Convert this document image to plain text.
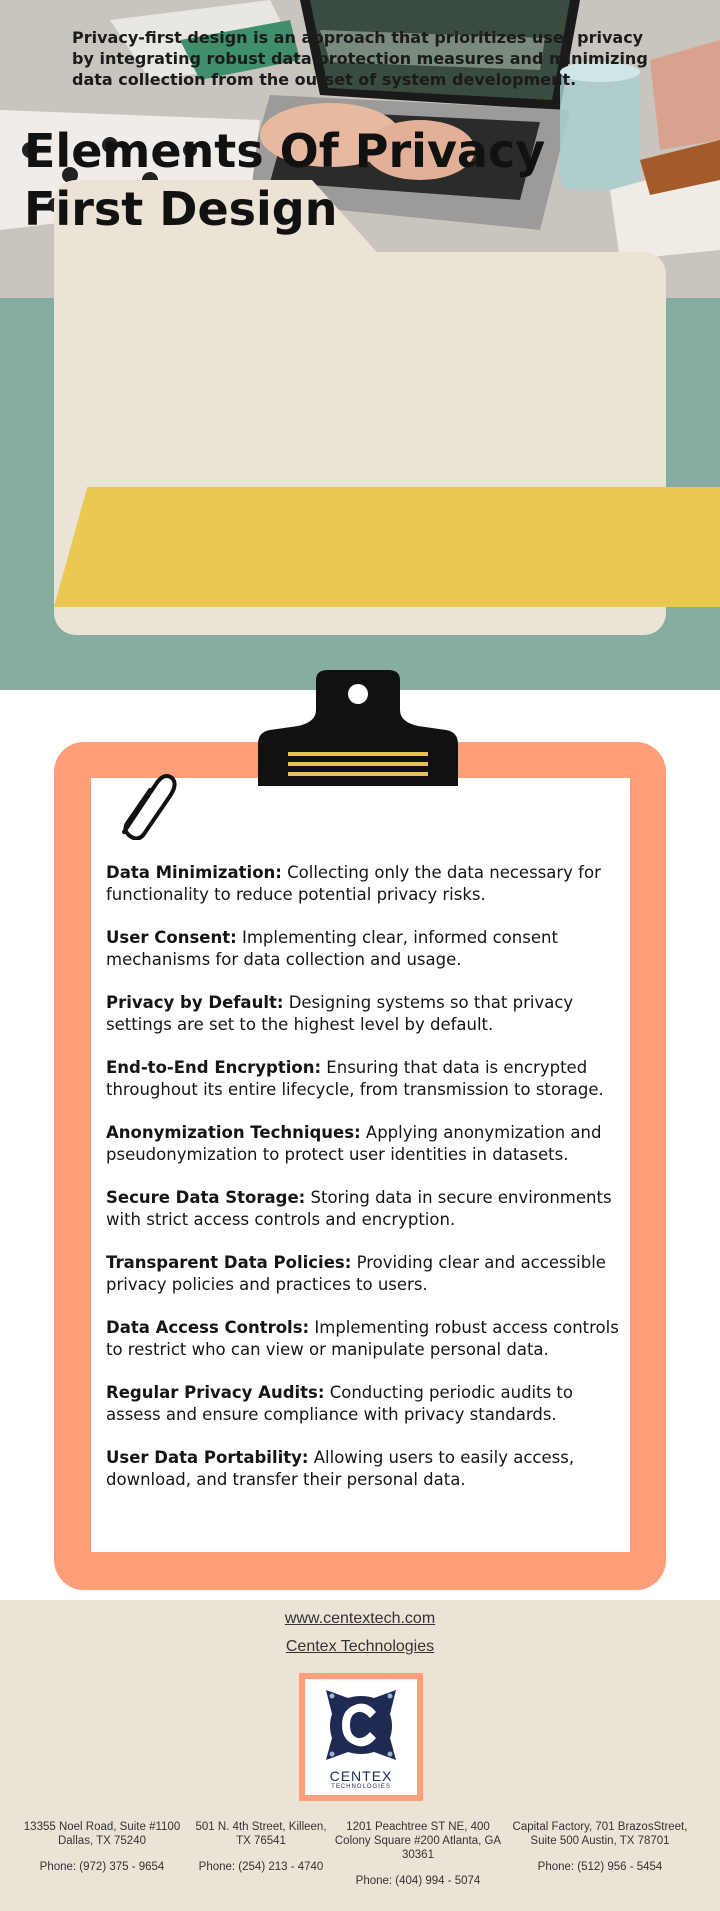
Elements Of Privacy First Design

Privacy-first design is an approach that prioritizes user privacy by integrating robust data protection measures and minimizing data collection from the outset of system development.

Data Minimization: Collecting only the data necessary for functionality to reduce potential privacy risks.

User Consent: Implementing clear, informed consent mechanisms for data collection and usage.

Privacy by Default: Designing systems so that privacy settings are set to the highest level by default.

End-to-End Encryption: Ensuring that data is encrypted throughout its entire lifecycle, from transmission to storage.

Anonymization Techniques: Applying anonymization and pseudonymization to protect user identities in datasets.

Secure Data Storage: Storing data in secure environments with strict access controls and encryption.

Transparent Data Policies: Providing clear and accessible privacy policies and practices to users.

Data Access Controls: Implementing robust access controls to restrict who can view or manipulate personal data.

Regular Privacy Audits: Conducting periodic audits to assess and ensure compliance with privacy standards.

User Data Portability: Allowing users to easily access, download, and transfer their personal data.

www.centextech.com
Centex Technologies
CENTEX
TECHNOLOGIES
13355 Noel Road, Suite #1100 Dallas, TX 75240
Phone: (972) 375 - 9654
501 N. 4th Street, Killeen, TX 76541
Phone: (254) 213 - 4740
1201 Peachtree ST NE, 400 Colony Square #200 Atlanta, GA 30361
Phone: (404) 994 - 5074
Capital Factory, 701 BrazosStreet, Suite 500 Austin, TX 78701
Phone: (512) 956 - 5454
